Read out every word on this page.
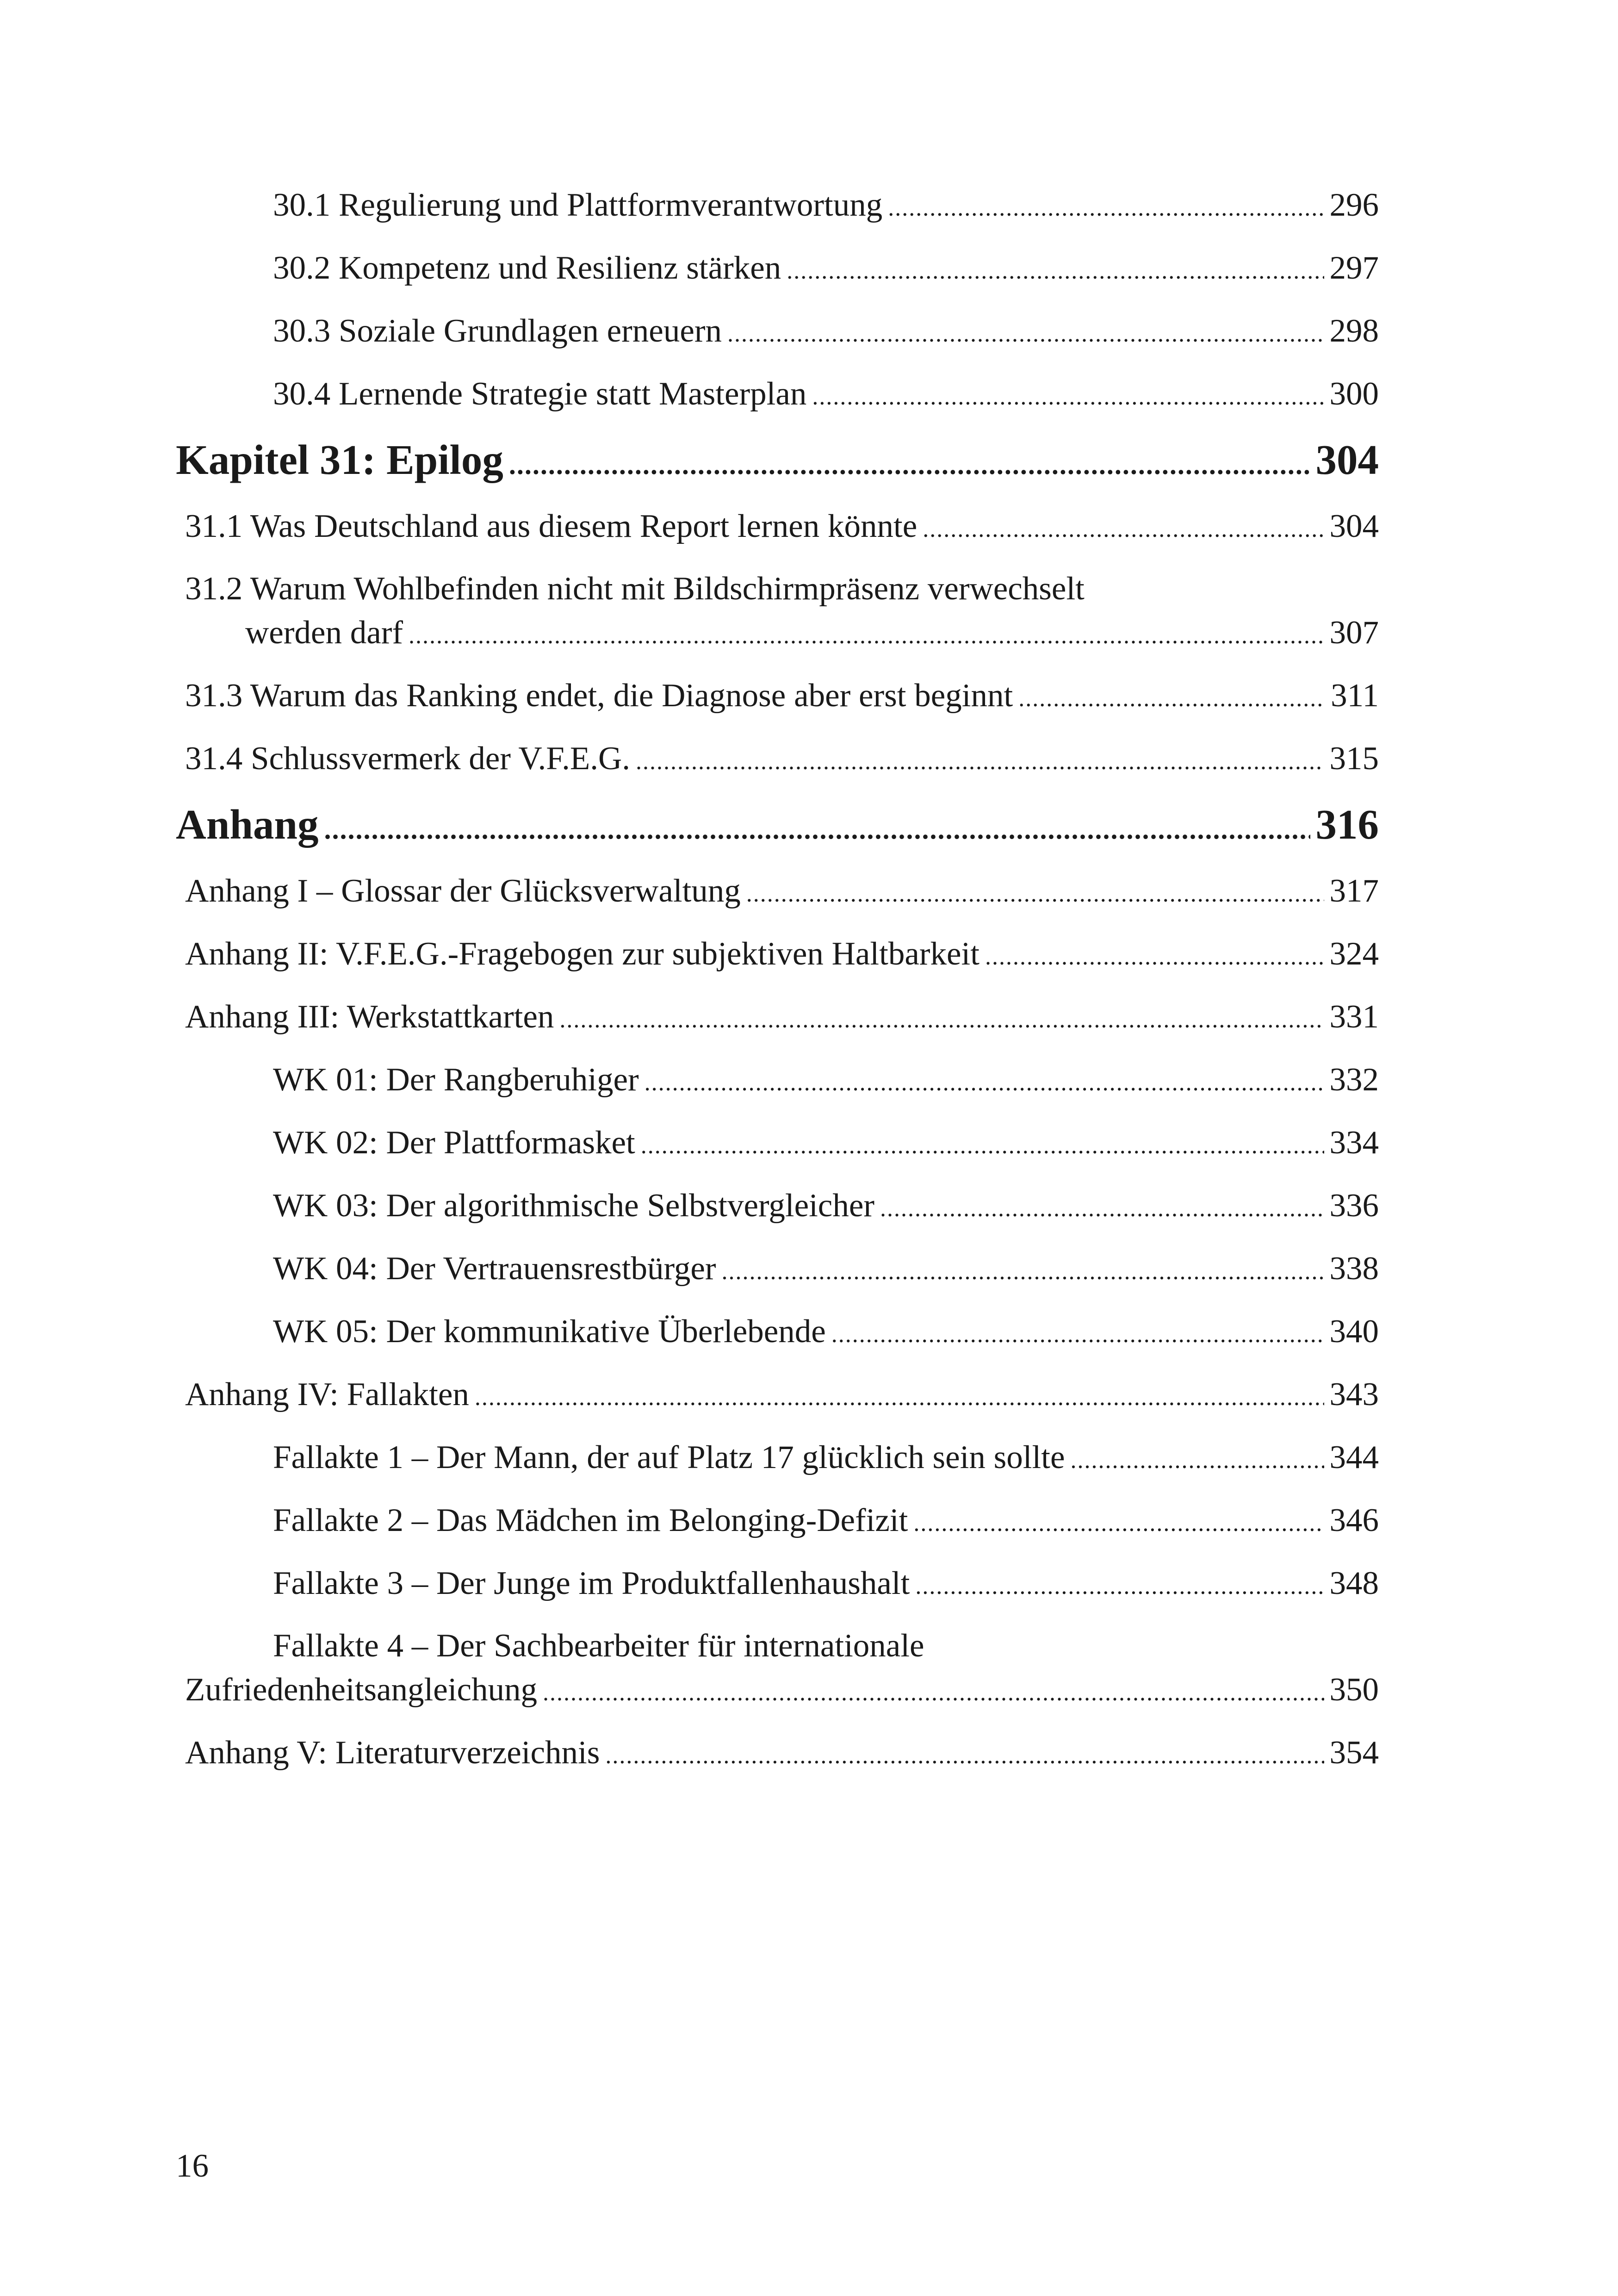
30.1 Regulierung und Plattformverantwortung .....	296
30.2 Kompetenz und Resilienz stärken .....	297
30.3 Soziale Grundlagen erneuern .....	298
30.4 Lernende Strategie statt Masterplan .....	300
Kapitel 31: Epilog .....	304
31.1 Was Deutschland aus diesem Report lernen könnte .....	304
31.2 Warum Wohlbefinden nicht mit Bildschirmpräsenz verwechselt
werden darf .....	307
31.3 Warum das Ranking endet, die Diagnose aber erst beginnt .....	311
31.4 Schlussvermerk der V.F.E.G. .....	315
Anhang .....	316
Anhang I – Glossar der Glücksverwaltung .....	317
Anhang II: V.F.E.G.-Fragebogen zur subjektiven Haltbarkeit .....	324
Anhang III: Werkstattkarten .....	331
WK 01: Der Rangberuhiger .....	332
WK 02: Der Plattformasket .....	334
WK 03: Der algorithmische Selbstvergleicher .....	336
WK 04: Der Vertrauensrestbürger .....	338
WK 05: Der kommunikative Überlebende .....	340
Anhang IV: Fallakten .....	343
Fallakte 1 – Der Mann, der auf Platz 17 glücklich sein sollte .....	344
Fallakte 2 – Das Mädchen im Belonging-Defizit .....	346
Fallakte 3 – Der Junge im Produktfallenhaushalt .....	348
Fallakte 4 – Der Sachbearbeiter für internationale
Zufriedenheitsangleichung .....	350
Anhang V: Literaturverzeichnis .....	354
16
